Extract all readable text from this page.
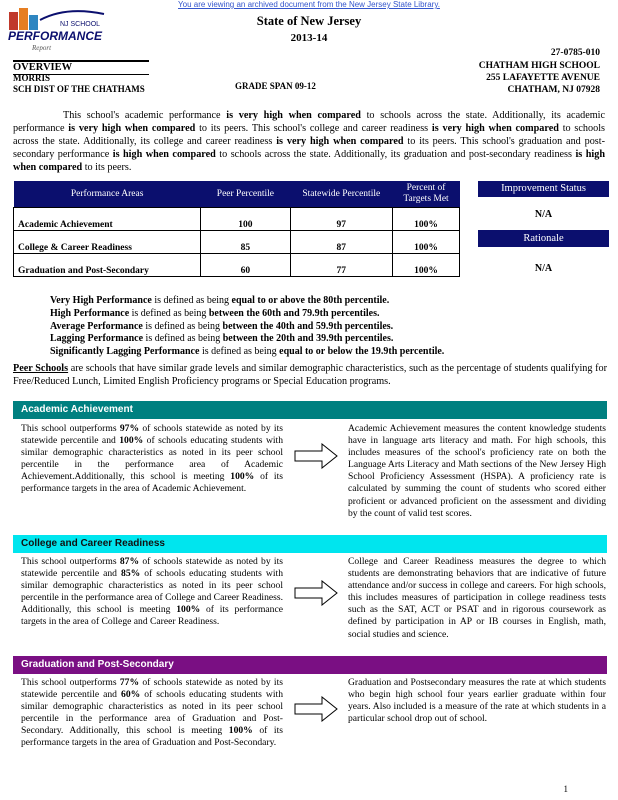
You are viewing an archived document from the New Jersey State Library.
NJ SCHOOL
PERFORMANCE
Report
State of New Jersey
2013-14
27-0785-010
OVERVIEW
MORRIS
SCH DIST OF THE CHATHAMS	GRADE SPAN 09-12
CHATHAM HIGH SCHOOL
255 LAFAYETTE AVENUE
CHATHAM, NJ 07928
This school's academic performance is very high when compared to schools across the state. Additionally, its academic performance is very high when compared to its peers. This school's college and career readiness is very high when compared to schools across the state. Additionally, its college and career readiness is very high when compared to its peers. This school's graduation and post-secondary performance is high when compared to schools across the state. Additionally, its graduation and post-secondary readiness is high when compared to its peers.
Performance Areas	Peer Percentile	Statewide Percentile	Percent of Targets Met
Academic Achievement	100	97	100%
College & Career Readiness	85	87	100%
Graduation and Post-Secondary	60	77	100%
Improvement Status
N/A
Rationale
N/A
Very High Performance is defined as being equal to or above the 80th percentile.
High Performance is defined as being between the 60th and 79.9th percentiles.
Average Performance is defined as being between the 40th and 59.9th percentiles.
Lagging Performance is defined as being between the 20th and 39.9th percentiles.
Significantly Lagging Performance is defined as being equal to or below the 19.9th percentile.
Peer Schools are schools that have similar grade levels and similar demographic characteristics, such as the percentage of students qualifying for Free/Reduced Lunch, Limited English Proficiency programs or Special Education programs.
Academic Achievement
This school outperforms 97% of schools statewide as noted by its statewide percentile and 100% of schools educating students with similar demographic characteristics as noted in its peer school percentile in the performance area of Academic Achievement.Additionally, this school is meeting 100% of its performance targets in the area of Academic Achievement.
Academic Achievement measures the content knowledge students have in language arts literacy and math. For high schools, this includes measures of the school's proficiency rate on both the Language Arts Literacy and Math sections of the New Jersey High School Proficiency Assessment (HSPA). A proficiency rate is calculated by summing the count of students who scored either proficient or advanced proficient on the assessment and dividing by the count of valid test scores.
College and Career Readiness
This school outperforms 87% of schools statewide as noted by its statewide percentile and 85% of schools educating students with similar demographic characteristics as noted in its peer school percentile in the performance area of College and Career Readiness. Additionally, this school is meeting 100% of its performance targets in the area of College and Career Readiness.
College and Career Readiness measures the degree to which students are demonstrating behaviors that are indicative of future attendance and/or success in college and careers. For high schools, this includes measures of participation in college readiness tests such as the SAT, ACT or PSAT and in rigorous coursework as defined by participation in AP or IB courses in English, math, social studies and science.
Graduation and Post-Secondary
This school outperforms 77% of schools statewide as noted by its statewide percentile and 60% of schools educating students with similar demographic characteristics as noted in its peer school percentile in the performance area of Graduation and Post-Secondary. Additionally, this school is meeting 100% of its performance targets in the area of Graduation and Post-Secondary.
Graduation and Postsecondary measures the rate at which students who begin high school four years earlier graduate within four years. Also included is a measure of the rate at which students in a particular school drop out of school.
1
